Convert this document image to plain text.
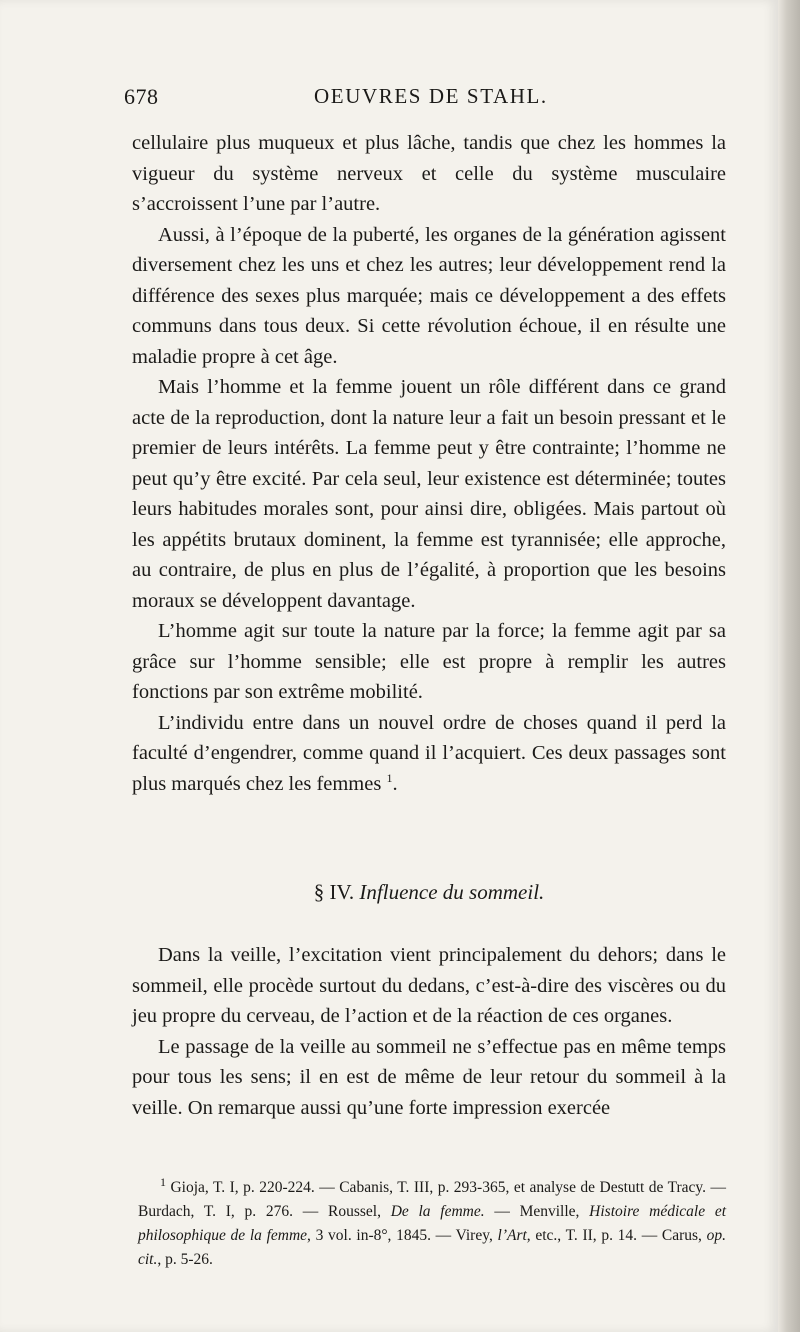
678	OEUVRES DE STAHL.

cellulaire plus muqueux et plus lâche, tandis que chez les hommes la vigueur du système nerveux et celle du système musculaire s’accroissent l’une par l’autre.

Aussi, à l’époque de la puberté, les organes de la génération agissent diversement chez les uns et chez les autres; leur développement rend la différence des sexes plus marquée; mais ce développement a des effets communs dans tous deux. Si cette révolution échoue, il en résulte une maladie propre à cet âge.

Mais l’homme et la femme jouent un rôle différent dans ce grand acte de la reproduction, dont la nature leur a fait un besoin pressant et le premier de leurs intérêts. La femme peut y être contrainte; l’homme ne peut qu’y être excité. Par cela seul, leur existence est déterminée; toutes leurs habitudes morales sont, pour ainsi dire, obligées. Mais partout où les appétits brutaux dominent, la femme est tyrannisée; elle approche, au contraire, de plus en plus de l’égalité, à proportion que les besoins moraux se développent davantage.

L’homme agit sur toute la nature par la force; la femme agit par sa grâce sur l’homme sensible; elle est propre à remplir les autres fonctions par son extrême mobilité.

L’individu entre dans un nouvel ordre de choses quand il perd la faculté d’engendrer, comme quand il l’acquiert. Ces deux passages sont plus marqués chez les femmes $^1$.

§ IV. Influence du sommeil.

Dans la veille, l’excitation vient principalement du dehors; dans le sommeil, elle procède surtout du dedans, c’est-à-dire des viscères ou du jeu propre du cerveau, de l’action et de la réaction de ces organes.

Le passage de la veille au sommeil ne s’effectue pas en même temps pour tous les sens; il en est de même de leur retour du sommeil à la veille. On remarque aussi qu’une forte impression exercée

$^1$ Gioja, T. I, p. 220-224. — Cabanis, T. III, p. 293-365, et analyse de Destutt de Tracy. — Burdach, T. I, p. 276. — Roussel, De la femme. — Menville, Histoire médicale et philosophique de la femme, 3 vol. in-8°, 1845. — Virey, l’Art, etc., T. II, p. 14. — Carus, op. cit., p. 5-26.
